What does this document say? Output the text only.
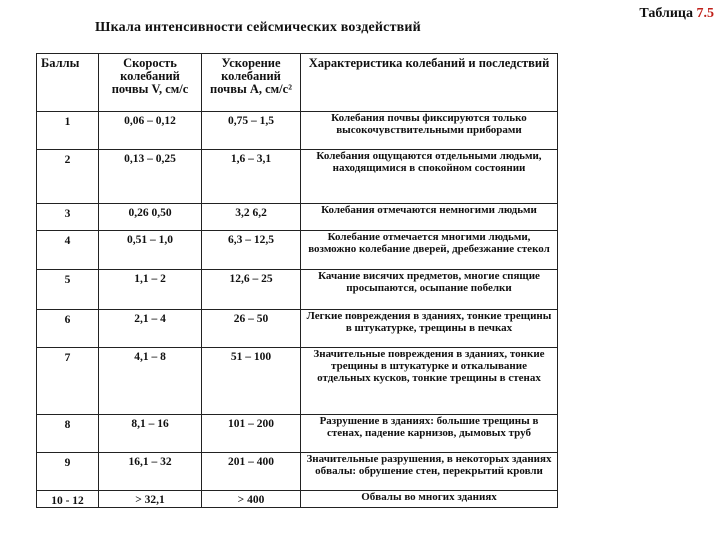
Таблица 7.5
Шкала интенсивности сейсмических воздействий
Баллы	Скорость колебаний почвы V, см/с	Ускорение колебаний почвы A, см/с²	Характеристика колебаний и последствий
1	0,06 – 0,12	0,75 – 1,5	Колебания почвы фиксируются только высокочувствительными приборами
2	0,13 – 0,25	1,6 – 3,1	Колебания ощущаются отдельными людьми, находящимися в спокойном состоянии
3	0,26 0,50	3,2 6,2	Колебания отмечаются немногими людьми
4	0,51 – 1,0	6,3 – 12,5	Колебание отмечается многими людьми, возможно колебание дверей, дребезжание стекол
5	1,1 – 2	12,6 – 25	Качание висячих предметов, многие спящие просыпаются, осыпание побелки
6	2,1 – 4	26 – 50	Легкие повреждения в зданиях, тонкие трещины в штукатурке, трещины в печках
7	4,1 – 8	51 – 100	Значительные повреждения в зданиях, тонкие трещины в штукатурке и откалывание отдельных кусков, тонкие трещины в стенах
8	8,1 – 16	101 – 200	Разрушение в зданиях: большие трещины в стенах, падение карнизов, дымовых труб
9	16,1 – 32	201 – 400	Значительные разрушения, в некоторых зданиях обвалы: обрушение стен, перекрытий кровли
10 - 12	> 32,1	> 400	Обвалы во многих зданиях
